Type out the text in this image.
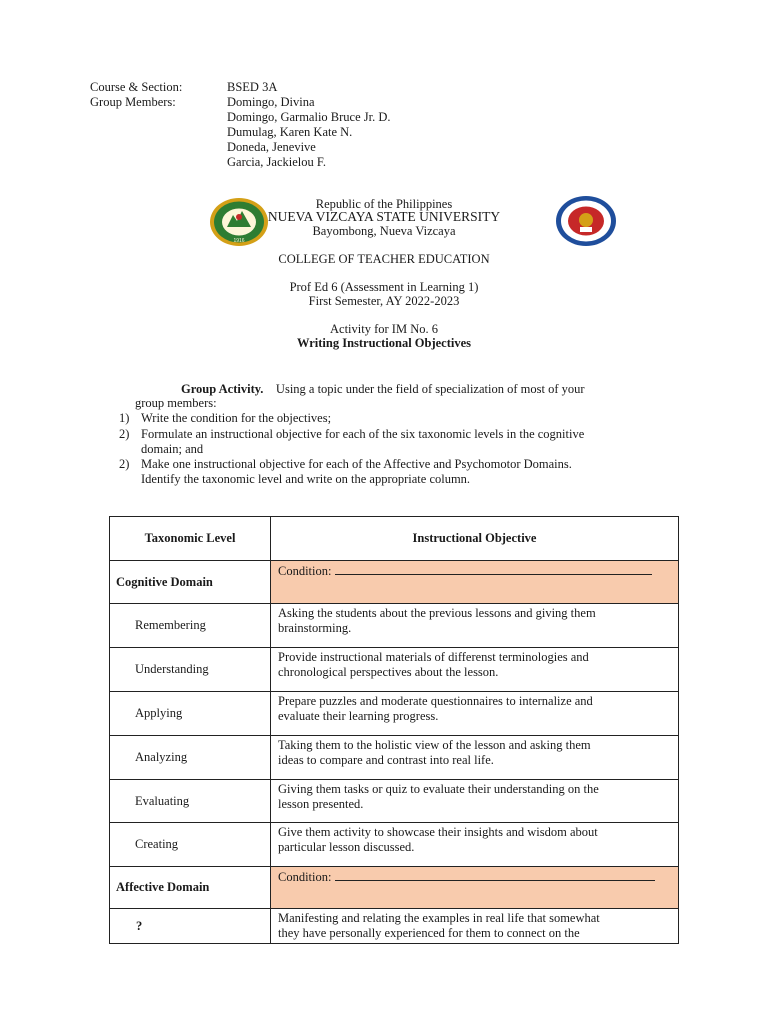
Course & Section:	BSED 3A
Group Members:	Domingo, Divina
Domingo, Garmalio Bruce Jr. D.
Dumulag, Karen Kate N.
Doneda, Jenevive
Garcia, Jackielou F.
1916
Republic of the Philippines
NUEVA VIZCAYA STATE UNIVERSITY
Bayombong, Nueva Vizcaya
COLLEGE OF TEACHER EDUCATION
Prof Ed 6 (Assessment in Learning 1)
First Semester, AY 2022-2023
Activity for IM No. 6
Writing Instructional Objectives
Group Activity. Using a topic under the field of specialization of most of your
group members:
1) Write the condition for the objectives;
2) Formulate an instructional objective for each of the six taxonomic levels in the cognitive
domain; and
2) Make one instructional objective for each of the Affective and Psychomotor Domains.
Identify the taxonomic level and write on the appropriate column.
Taxonomic Level	Instructional Objective
Cognitive Domain	Condition:
Remembering	Asking the students about the previous lessons and giving them
brainstorming.

Understanding	Provide instructional materials of differenst terminologies and
chronological perspectives about the lesson.

Applying	Prepare puzzles and moderate questionnaires to internalize and
evaluate their learning progress.

Analyzing	Taking them to the holistic view of the lesson and asking them
ideas to compare and contrast into real life.

Evaluating	Giving them tasks or quiz to evaluate their understanding on the
lesson presented.

Creating	Give them activity to showcase their insights and wisdom about
particular lesson discussed.

Affective Domain	Condition:
?	Manifesting and relating the examples in real life that somewhat
they have personally experienced for them to connect on the
